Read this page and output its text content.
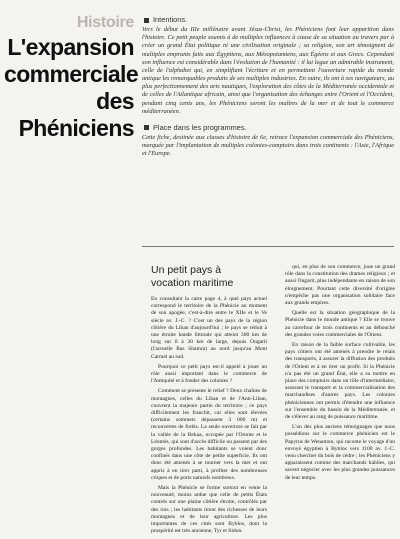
Histoire
L'expansion
commerciale
des
Phéniciens
Intentions.
Vers le début du IIIe millénaire avant Jésus-Christ, les Phéniciens font leur apparition dans l'histoire. Ce petit peuple soumis à de multiples influences à cause de sa situation au travers par à créer un grand État politique ni une civilisation originale ; sa religion, son art témoignent de multiples emprunts faits aux Égyptiens, aux Mésopotamiens, aux Égéens et aux Grecs. Cependant son influence est considérable dans l'évolution de l'humanité : il lui legue un admirable instrument, celle de l'alphabet qui, en simplifiant l'écriture et en permettant l'ouverture rapide du monde antique les remarquables produits de ses multiples industries. En outre, ils ont à ses navigateurs, au plus perfectionnement des arts nautiques, l'exploration des côtes de la Méditerranée occidentale et de celles de l'Atlantique africain, ainsi que l'organisation des échanges entre l'Orient et l'Occident, pendant cinq cents ans, les Phéniciens seront les maîtres de la mer et de tout le commerce méditerranéen.
Place dans les programmes.
Cette fiche, destinée aux classes d'histoire de 6e, retrace l'expansion commerciale des Phéniciens, marquée par l'implantation de multiples colonies-comptoirs dans trois continents : l'Asie, l'Afrique et l'Europe.
Un petit pays à vocation maritime

En consultant la carte page 4, à quel pays actuel correspond le territoire de la Phénicie au moment de son apogée, c'est-à-dire entre le XIIe et le Ve siècle av. J.-C. ? C'est un des pays de la région côtière du Liban d'aujourd'hui ; le pays se réduit à une étroite bande littorale qui atteint 300 km de long sur 8 à 30 km de large, depuis Ougarit (l'actuelle Ras Shamra) au nord jusqu'au Mont Carmel au sud.

Pourquoi ce petit pays est-il appelé à jouer un rôle aussi important dans le commerce de l'Antiquité et à fonder des colonies ?

Comment se présente le relief ? Deux chaînes de montagnes, celles du Liban et de l'Anti-Liban, couvrent la majeure partie du territoire ; ce pays difficilement les franchit, car elles sont élevées (certains sommets dépassent 3 000 m) et recouvertes de forêts. La seule ouverture se fait par la vallée de la Bekaa, occupée par l'Oronte et le Léontès, qui sont d'accès difficile ou passent par des gorges profondes. Les habitants se voient donc confinés dans une côte de petite superficie. Ils ont donc été amenés à se tourner vers la mer et ont appris à en tirer parti, à profiter des nombreuses criques et de ports naturels nombreux.

Mais la Phénicie se forme surtout en vente la nouveauté, moins ardue que celle de petits États contrés sur une plaine côtière étroite, contrôlés par des rois ; les habitants tirent des richesses de leurs montagnes et de leur agriculture. Les plus importantes de ces cités sont Byblos, dont la prospérité est très ancienne, Tyr et Sidon.

qui, en plus de son commerce, joue un grand rôle dans la constitution des drames religieux ; et aussi Ougarit, plus indépendante en raison de son éloignement. Pourtant cette diversité d'origine n'empêche pas une organisation solidaire face aux grands empires.

Quelle est la situation géographique de la Phénicie dans le monde antique ? Elle se trouve au carrefour de trois continents et au débouché des grandes voies commerciales de l'Orient.

En raison de la faible surface cultivable, les pays côtiers ont été amenés à prendre le relais des transports, à assurer la diffusion des produits de l'Orient et à en tirer un profit. Si la Phénicie n'a pas été un grand État, elle a su mettre en place des comptoirs dans un rôle d'intermédiaire, assurant le transport et la commercialisation des marchandises d'autres pays. Les colonies phéniciennes ont permis d'étendre une influence sur l'ensemble du bassin de la Méditerranée, et de s'élever au rang de puissance maritime.

L'un des plus anciens témoignages que nous possédions sur le commerce phénicien est le Papyrus de Wenamon, qui raconte le voyage d'un envoyé égyptien à Byblos vers 1100 av. J.-C. venu chercher du bois de cèdre ; les Phéniciens y apparaissent comme des marchands habiles, qui savent négocier avec les plus grandes puissances de leur temps.
